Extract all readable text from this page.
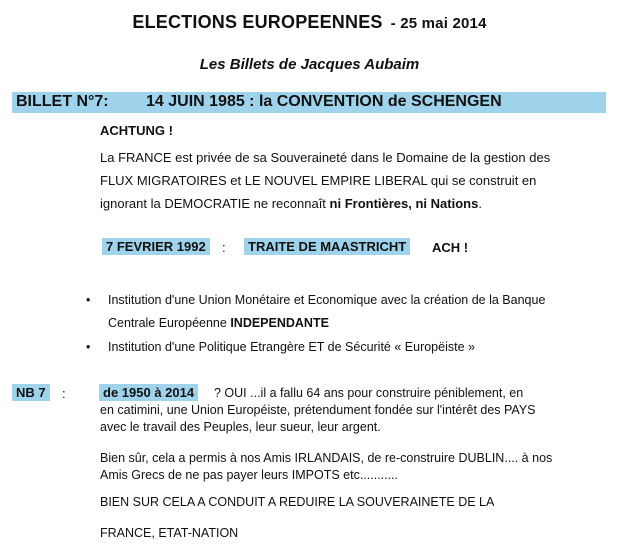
ELECTIONS EUROPEENNES - 25 mai 2014
Les Billets de Jacques Aubaim
BILLET N°7: 14 JUIN 1985 : la CONVENTION de SCHENGEN
ACHTUNG !
La FRANCE est privée de sa Souveraineté dans le Domaine de la gestion des
FLUX MIGRATOIRES et LE NOUVEL EMPIRE LIBERAL qui se construit en
ignorant la DEMOCRATIE ne reconnaît ni Frontières, ni Nations.
7 FEVRIER 1992	:	TRAITE DE MAASTRICHT	ACH !
•	Institution d'une Union Monétaire et Economique avec la création de la Banque
Centrale Européenne INDEPENDANTE
•	Institution d'une Politique Etrangère ET de Sécurité « Europëiste »
NB 7	:	de 1950 à 2014	? OUI ...il a fallu 64 ans pour construire péniblement, en
en catimini, une Union Européiste, prétendument fondée sur l'intérêt des PAYS
avec le travail des Peuples, leur sueur, leur argent.
Bien sûr, cela a permis à nos Amis IRLANDAIS, de re-construire DUBLIN.... à nos
Amis Grecs de ne pas payer leurs IMPOTS etc...........
BIEN SUR CELA A CONDUIT A REDUIRE LA SOUVERAINETE DE LA
FRANCE, ETAT-NATION
